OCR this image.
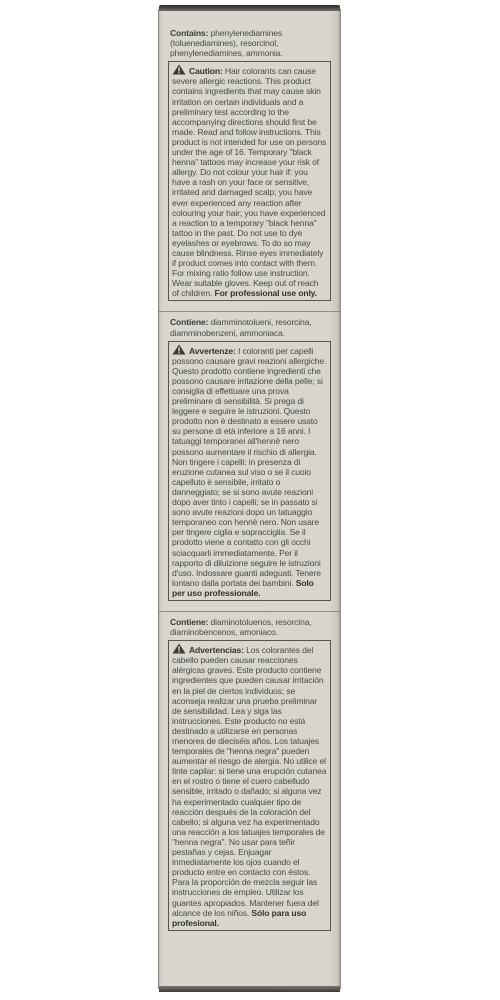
Contains: phenylenediamines (toluenediamines), resorcinol, phenylenediamines, ammonia.
Caution: Hair colorants can cause severe allergic reactions. This product contains ingredients that may cause skin irritation on certain individuals and a preliminary test according to the accompanying directions should first be made. Read and follow instructions. This product is not intended for use on persons under the age of 16. Temporary "black henna" tattoos may increase your risk of allergy. Do not colour your hair if: you have a rash on your face or sensitive, irritated and damaged scalp; you have ever experienced any reaction after colouring your hair; you have experienced a reaction to a temporary "black henna" tattoo in the past. Do not use to dye eyelashes or eyebrows. To do so may cause blindness. Rinse eyes immediately if product comes into contact with them. For mixing ratio follow use instruction. Wear suitable gloves. Keep out of reach of children. For professional use only.
Contiene: diamminotolueni, resorcina, diamminobenzeni, ammoniaca.
Avvertenze: I coloranti per capelli possono causare gravi reazioni allergiche. Questo prodotto contiene ingredienti che possono causare irritazione della pelle; si consiglia di effettuare una prova preliminare di sensibilità. Si prega di leggere e seguire le istruzioni. Questo prodotto non è destinato a essere usato su persone di età inferiore a 16 anni. I tatuaggi temporanei all'hennè nero possono aumentare il rischio di allergia. Non tingere i capelli: in presenza di eruzione cutanea sul viso o se il cuoio capelluto è sensibile, irritato o danneggiato; se si sono avute reazioni dopo aver tinto i capelli; se in passato si sono avute reazioni dopo un tatuaggio temporaneo con hennè nero. Non usare per tingere ciglia e sopracciglia. Se il prodotto viene a contatto con gli occhi sciacquarli immediatamente. Per il rapporto di diluizione seguire le istruzioni d'uso. Indossare guanti adeguati. Tenere lontano dalla portata dei bambini. Solo per uso professionale.
Contiene: diaminotoluenos, resorcina, diaminobencenos, amoniaco.
Advertencias: Los colorantes del cabello pueden causar reacciones alérgicas graves. Este producto contiene ingredientes que pueden causar irritación en la piel de ciertos individuos; se aconseja realizar una prueba preliminar de sensibilidad. Lea y siga las instrucciones. Este producto no está destinado a utilizarse en personas menores de dieciséis años. Los tatuajes temporales de "henna negra" pueden aumentar el riesgo de alergia. No utilice el tinte capilar: si tiene una erupción cutanea en el rostro o tiene el cuero cabelludo sensible, irritado o dañado; si alguna vez ha experimentado cualquier tipo de reacción después de la coloración del cabello; si alguna vez ha experimentado una reacción a los tatuajes temporales de "henna negra". No usar para teñir pestañas y cejas. Enjuagar inmediatamente los ojos cuando el producto entre en contacto con éstos. Para la proporción de mezcla seguir las instrucciones de empleo. Utilizar los guantes apropiados. Mantener fuera del alcance de los niños. Sólo para uso profesional.
